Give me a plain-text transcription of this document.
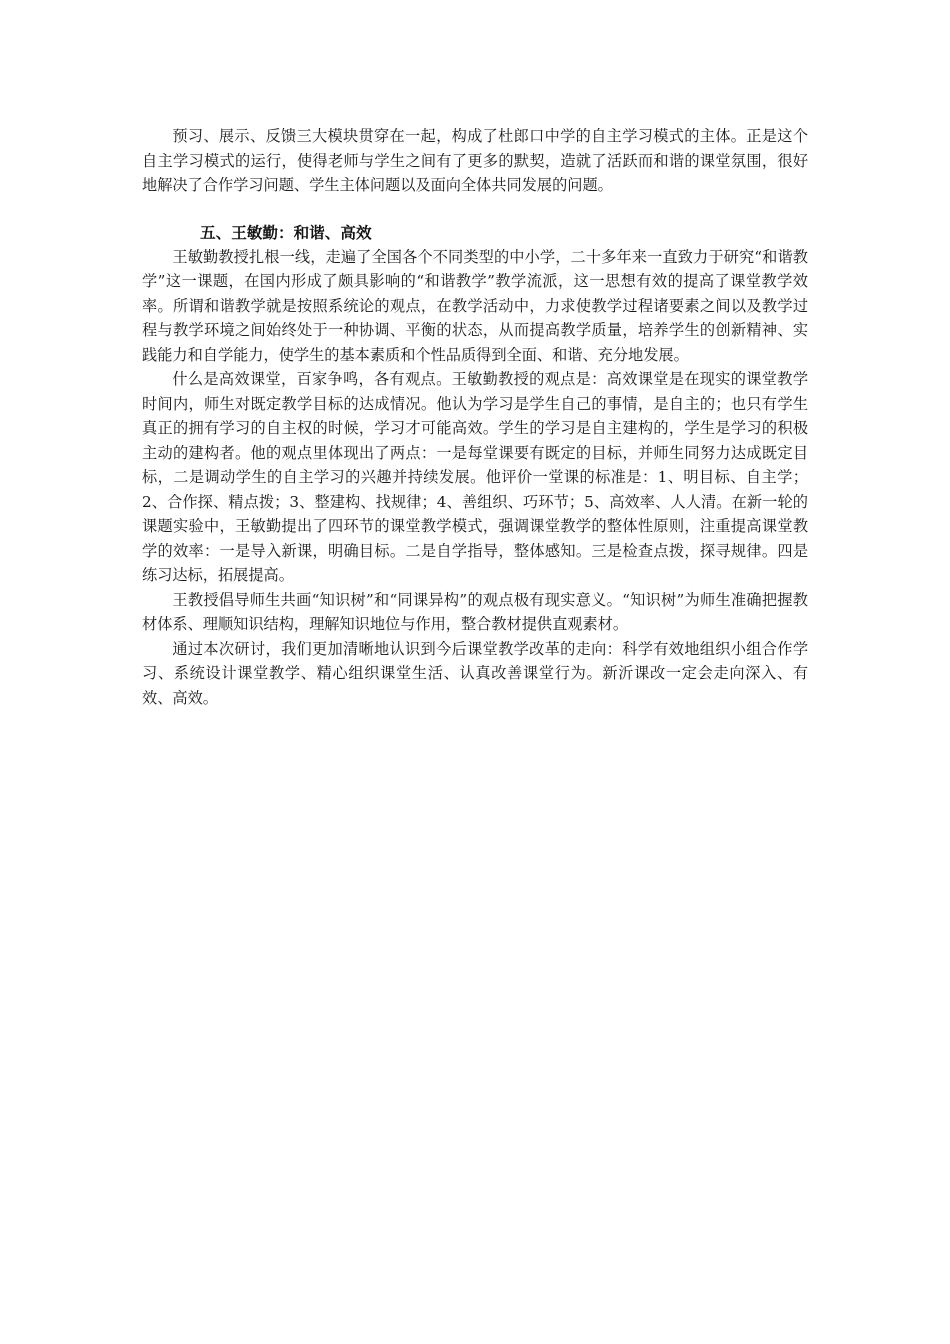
预习、展示、反馈三大模块贯穿在一起，构成了杜郎口中学的自主学习模式的主体。正是这个自主学习模式的运行，使得老师与学生之间有了更多的默契，造就了活跃而和谐的课堂氛围，很好地解决了合作学习问题、学生主体问题以及面向全体共同发展的问题。

五、王敏勤：和谐、高效

王敏勤教授扎根一线，走遍了全国各个不同类型的中小学，二十多年来一直致力于研究“和谐教学”这一课题，在国内形成了颇具影响的“和谐教学”教学流派，这一思想有效的提高了课堂教学效率。所谓和谐教学就是按照系统论的观点，在教学活动中，力求使教学过程诸要素之间以及教学过程与教学环境之间始终处于一种协调、平衡的状态，从而提高教学质量，培养学生的创新精神、实践能力和自学能力，使学生的基本素质和个性品质得到全面、和谐、充分地发展。

什么是高效课堂，百家争鸣，各有观点。王敏勤教授的观点是：高效课堂是在现实的课堂教学时间内，师生对既定教学目标的达成情况。他认为学习是学生自己的事情，是自主的；也只有学生真正的拥有学习的自主权的时候，学习才可能高效。学生的学习是自主建构的，学生是学习的积极主动的建构者。他的观点里体现出了两点：一是每堂课要有既定的目标，并师生同努力达成既定目标，二是调动学生的自主学习的兴趣并持续发展。他评价一堂课的标准是：1、明目标、自主学；2、合作探、精点拨；3、整建构、找规律；4、善组织、巧环节；5、高效率、人人清。在新一轮的课题实验中，王敏勤提出了四环节的课堂教学模式，强调课堂教学的整体性原则，注重提高课堂教学的效率：一是导入新课，明确目标。二是自学指导，整体感知。三是检查点拨，探寻规律。四是练习达标，拓展提高。

王教授倡导师生共画“知识树”和“同课异构”的观点极有现实意义。“知识树”为师生准确把握教材体系、理顺知识结构，理解知识地位与作用，整合教材提供直观素材。

通过本次研讨，我们更加清晰地认识到今后课堂教学改革的走向：科学有效地组织小组合作学习、系统设计课堂教学、精心组织课堂生活、认真改善课堂行为。新沂课改一定会走向深入、有效、高效。
